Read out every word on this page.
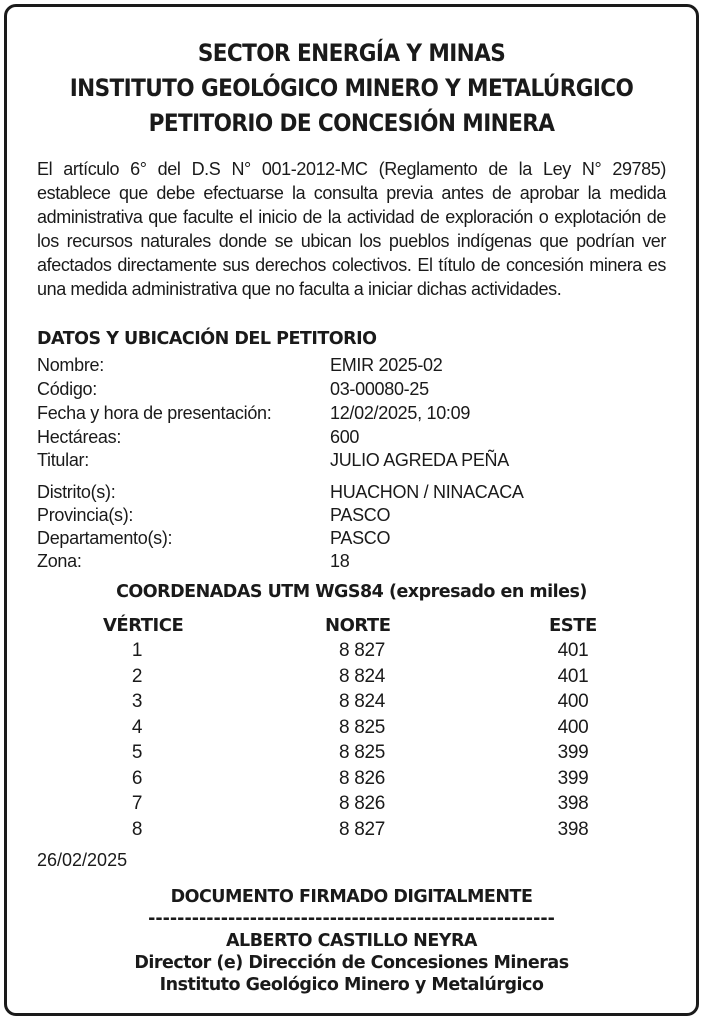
SECTOR ENERGÍA Y MINAS
INSTITUTO GEOLÓGICO MINERO Y METALÚRGICO
PETITORIO DE CONCESIÓN MINERA
El artículo 6° del D.S N° 001-2012-MC (Reglamento de la Ley N° 29785) establece que debe efectuarse la consulta previa antes de aprobar la medida administrativa que faculte el inicio de la actividad de exploración o explotación de los recursos naturales donde se ubican los pueblos indígenas que podrían ver afectados directamente sus derechos colectivos. El título de concesión minera es una medida administrativa que no faculta a iniciar dichas actividades.
DATOS Y UBICACIÓN DEL PETITORIO
Nombre:	EMIR 2025-02
Código:	03-00080-25
Fecha y hora de presentación:	12/02/2025, 10:09
Hectáreas:	600
Titular:	JULIO AGREDA PEÑA
Distrito(s):	HUACHON / NINACACA
Provincia(s):	PASCO
Departamento(s):	PASCO
Zona:	18
COORDENADAS UTM WGS84 (expresado en miles)
VÉRTICE	NORTE	ESTE
1	8 827	401
2	8 824	401
3	8 824	400
4	8 825	400
5	8 825	399
6	8 826	399
7	8 826	398
8	8 827	398
26/02/2025
DOCUMENTO FIRMADO DIGITALMENTE
--------------------------------------------------------
ALBERTO CASTILLO NEYRA
Director (e) Dirección de Concesiones Mineras
Instituto Geológico Minero y Metalúrgico
